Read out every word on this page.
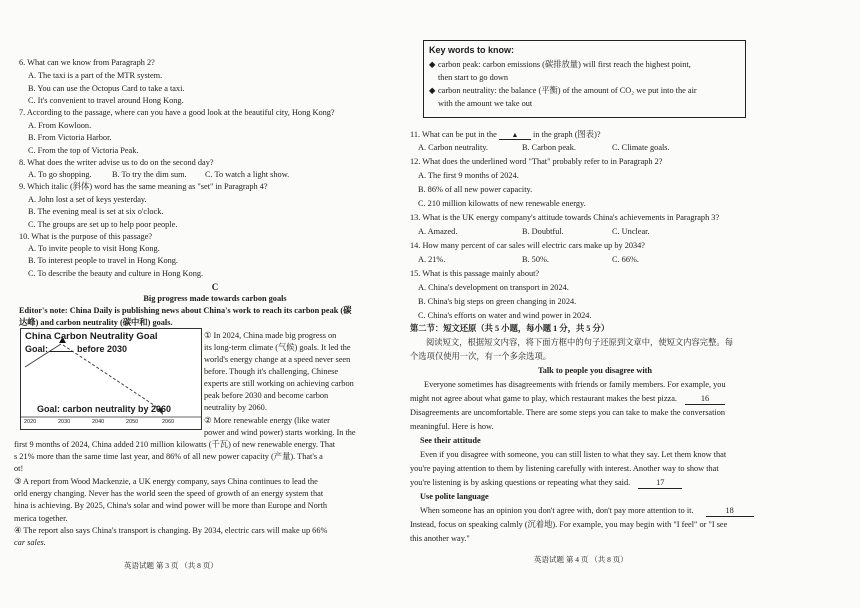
6. What can we know from Paragraph 2?
A. The taxi is a part of the MTR system.
B. You can use the Octopus Card to take a taxi.
C. It's convenient to travel around Hong Kong.
7. According to the passage, where can you have a good look at the beautiful city, Hong Kong?
A. From Kowloon.
B. From Victoria Harbor.
C. From the top of Victoria Peak.
8. What does the writer advise us to do on the second day?
A. To go shopping. B. To try the dim sum. C. To watch a light show.
9. Which italic (斜体) word has the same meaning as "set" in Paragraph 4?
A. John lost a set of keys yesterday.
B. The evening meal is set at six o'clock.
C. The groups are set up to help poor people.
10. What is the purpose of this passage?
A. To invite people to visit Hong Kong.
B. To interest people to travel in Hong Kong.
C. To describe the beauty and culture in Hong Kong.
C
Big progress made towards carbon goals
Editor's note: China Daily is publishing news about China's work to reach its carbon peak (碳
达峰) and carbon neutrality (碳中和) goals.
China Carbon Neutrality Goal
Goal:	before 2030
Goal: carbon neutrality by 2060
2020	2030	2040	2050	2060
① In 2024, China made big progress on
its long-term climate (气候) goals. It led the
world's energy change at a speed never seen
before. Though it's challenging, Chinese
experts are still working on achieving carbon
peak before 2030 and become carbon
neutrality by 2060.
② More renewable energy (like water
power and wind power) starts working. In the
first 9 months of 2024, China added 210 million kilowatts (千瓦) of new renewable energy. That
s 21% more than the same time last year, and 86% of all new power capacity (产量). That's a
ot!
③ A report from Wood Mackenzie, a UK energy company, says China continues to lead the
orld energy changing. Never has the world seen the speed of growth of an energy system that
hina is achieving. By 2025, China's solar and wind power will be more than Europe and North
merica together.
④ The report also says China's transport is changing. By 2034, electric cars will make up 66%
car sales.
英语试题 第 3 页 （共 8 页）
Key words to know:
◆ carbon peak: carbon emissions (碳排放量) will first reach the highest point,
then start to go down
◆ carbon neutrality: the balance (平衡) of the amount of CO₂ we put into the air
with the amount we take out
11. What can be put in the ▲ in the graph (图表)?
A. Carbon neutrality.	B. Carbon peak.	C. Climate goals.
12. What does the underlined word "That" probably refer to in Paragraph 2?
A. The first 9 months of 2024.
B. 86% of all new power capacity.
C. 210 million kilowatts of new renewable energy.
13. What is the UK energy company's attitude towards China's achievements in Paragraph 3?
A. Amazed.	B. Doubtful.	C. Unclear.
14. How many percent of car sales will electric cars make up by 2034?
A. 21%.	B. 50%.	C. 66%.
15. What is this passage mainly about?
A. China's development on transport in 2024.
B. China's big steps on green changing in 2024.
C. China's efforts on water and wind power in 2024.
第二节：短文还原（共 5 小题，每小题 1 分，共 5 分）
阅读短文，根据短文内容，将下面方框中的句子还原到文章中，使短文内容完整。每
个选项仅使用一次，有一个多余选项。
Talk to people you disagree with
Everyone sometimes has disagreements with friends or family members. For example, you
might not agree about what game to play, which restaurant makes the best pizza.	16
Disagreements are uncomfortable. There are some steps you can take to make the conversation
meaningful. Here is how.
See their attitude
Even if you disagree with someone, you can still listen to what they say. Let them know that
you're paying attention to them by listening carefully with interest. Another way to show that
you're listening is by asking questions or repeating what they said.	17
Use polite language
When someone has an opinion you don't agree with, don't pay more attention to it.	18
Instead, focus on speaking calmly (沉着地). For example, you may begin with "I feel" or "I see
this another way."
英语试题 第 4 页 （共 8 页）
